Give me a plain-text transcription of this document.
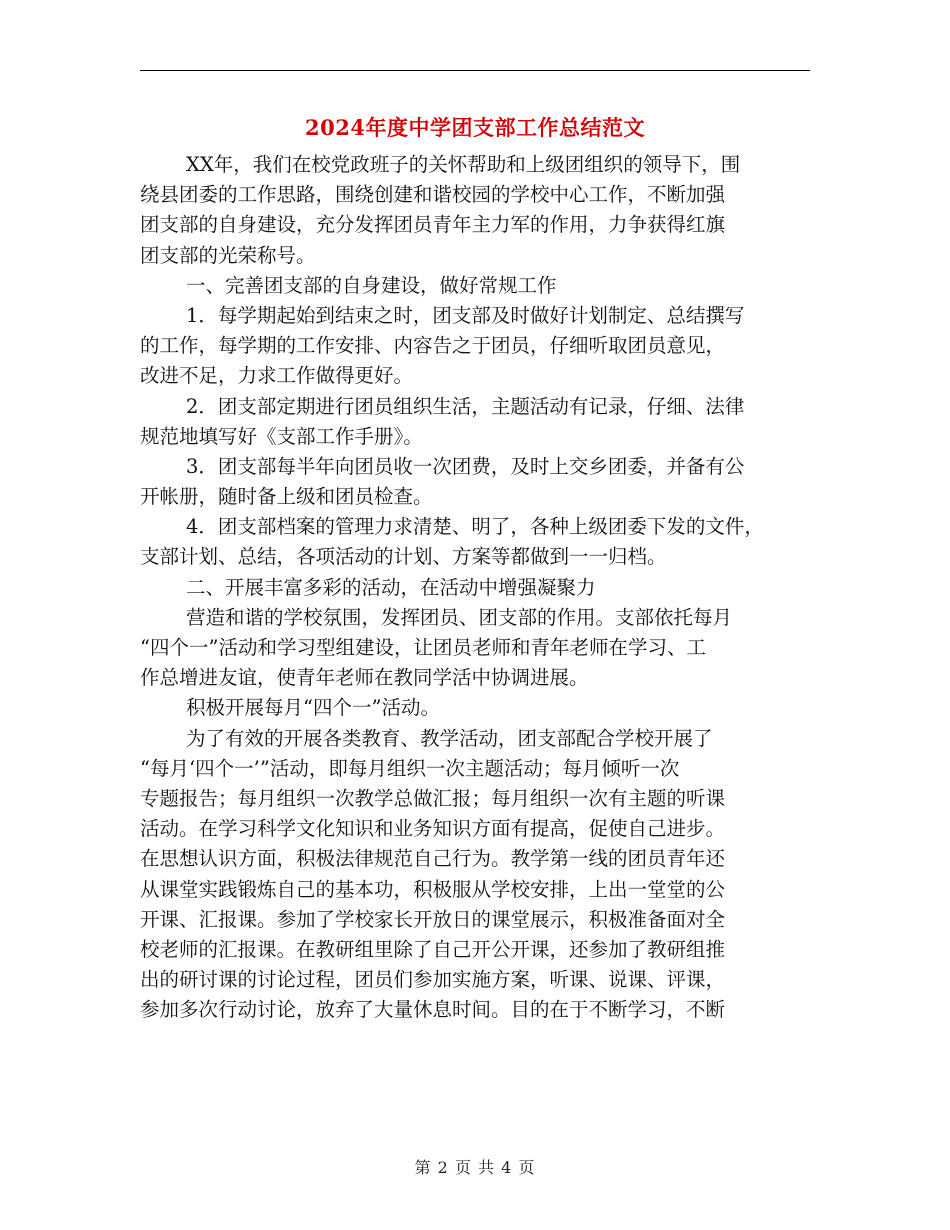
2024年度中学团支部工作总结范文
XX年，我们在校党政班子的关怀帮助和上级团组织的领导下，围
绕县团委的工作思路，围绕创建和谐校园的学校中心工作，不断加强
团支部的自身建设，充分发挥团员青年主力军的作用，力争获得红旗
团支部的光荣称号。
一、完善团支部的自身建设，做好常规工作
1．每学期起始到结束之时，团支部及时做好计划制定、总结撰写
的工作，每学期的工作安排、内容告之于团员，仔细听取团员意见，
改进不足，力求工作做得更好。
2．团支部定期进行团员组织生活，主题活动有记录，仔细、法律
规范地填写好《支部工作手册》。
3．团支部每半年向团员收一次团费，及时上交乡团委，并备有公
开帐册，随时备上级和团员检查。
4．团支部档案的管理力求清楚、明了，各种上级团委下发的文件，
支部计划、总结，各项活动的计划、方案等都做到一一归档。
二、开展丰富多彩的活动，在活动中增强凝聚力
营造和谐的学校氛围，发挥团员、团支部的作用。支部依托每月
“四个一”活动和学习型组建设，让团员老师和青年老师在学习、工
作总增进友谊，使青年老师在教同学活中协调进展。
积极开展每月“四个一”活动。
为了有效的开展各类教育、教学活动，团支部配合学校开展了
“每月‘四个一’”活动，即每月组织一次主题活动；每月倾听一次
专题报告；每月组织一次教学总做汇报；每月组织一次有主题的听课
活动。在学习科学文化知识和业务知识方面有提高，促使自己进步。
在思想认识方面，积极法律规范自己行为。教学第一线的团员青年还
从课堂实践锻炼自己的基本功，积极服从学校安排，上出一堂堂的公
开课、汇报课。参加了学校家长开放日的课堂展示，积极准备面对全
校老师的汇报课。在教研组里除了自己开公开课，还参加了教研组推
出的研讨课的讨论过程，团员们参加实施方案，听课、说课、评课，
参加多次行动讨论，放弃了大量休息时间。目的在于不断学习，不断
第 2 页 共 4 页
